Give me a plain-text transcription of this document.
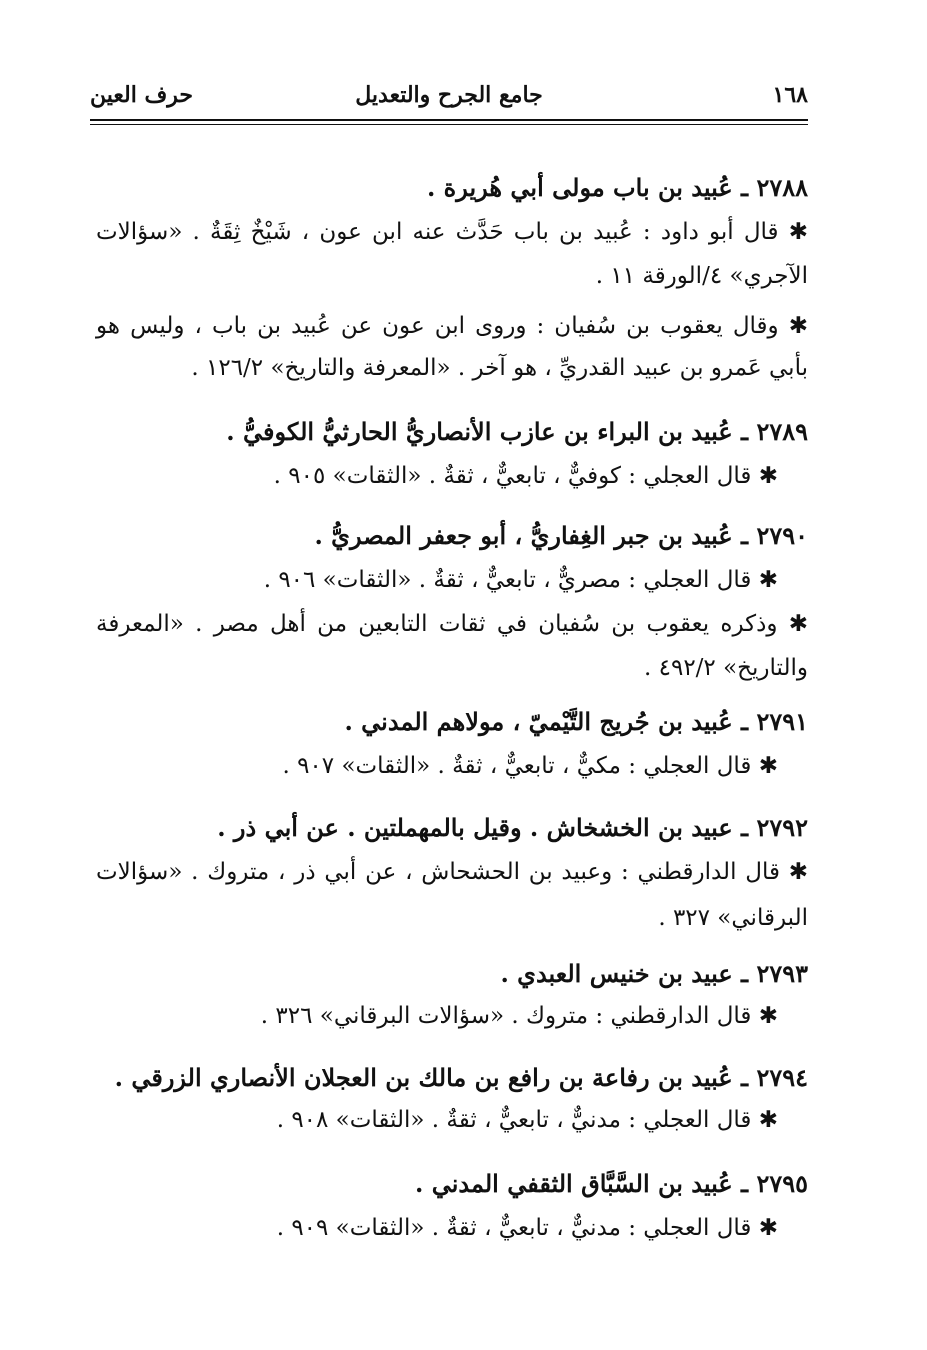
١٦٨
جامع الجرح والتعديل
حرف العين
٢٧٨٨ ـ عُبيد بن باب مولى أبي هُريرة .
✱ قال أبو داود : عُبيد بن باب حَدَّث عنه ابن عون ، شَيْخٌ ثِقَةٌ . «سؤالات
الآجري» ٤/الورقة ١١ .
✱ وقال يعقوب بن سُفيان : وروى ابن عون عن عُبيد بن باب ، وليس هو
بأبي عَمرو بن عبيد القدريِّ ، هو آخر . «المعرفة والتاريخ» ١٢٦/٢ .
٢٧٨٩ ـ عُبيد بن البراء بن عازب الأنصاريُّ الحارثيُّ الكوفيُّ .
✱ قال العجلي : كوفيٌّ ، تابعيٌّ ، ثقةٌ . «الثقات» ٩٠٥ .
٢٧٩٠ ـ عُبيد بن جبر الغِفاريُّ ، أبو جعفر المصريُّ .
✱ قال العجلي : مصريٌّ ، تابعيٌّ ، ثقةٌ . «الثقات» ٩٠٦ .
✱ وذكره يعقوب بن سُفيان في ثقات التابعين من أهل مصر . «المعرفة
والتاريخ» ٤٩٢/٢ .
٢٧٩١ ـ عُبيد بن جُريج التَّيْميّ ، مولاهم المدني .
✱ قال العجلي : مكيٌّ ، تابعيٌّ ، ثقةٌ . «الثقات» ٩٠٧ .
٢٧٩٢ ـ عبيد بن الخشخاش . وقيل بالمهملتين . عن أبي ذر .
✱ قال الدارقطني : وعبيد بن الحشحاش ، عن أبي ذر ، متروك . «سؤالات
البرقاني» ٣٢٧ .
٢٧٩٣ ـ عبيد بن خنيس العبدي .
✱ قال الدارقطني : متروك . «سؤالات البرقاني» ٣٢٦ .
٢٧٩٤ ـ عُبيد بن رفاعة بن رافع بن مالك بن العجلان الأنصاري الزرقي .
✱ قال العجلي : مدنيٌّ ، تابعيٌّ ، ثقةٌ . «الثقات» ٩٠٨ .
٢٧٩٥ ـ عُبيد بن السَّبَّاق الثقفي المدني .
✱ قال العجلي : مدنيٌّ ، تابعيٌّ ، ثقةٌ . «الثقات» ٩٠٩ .
